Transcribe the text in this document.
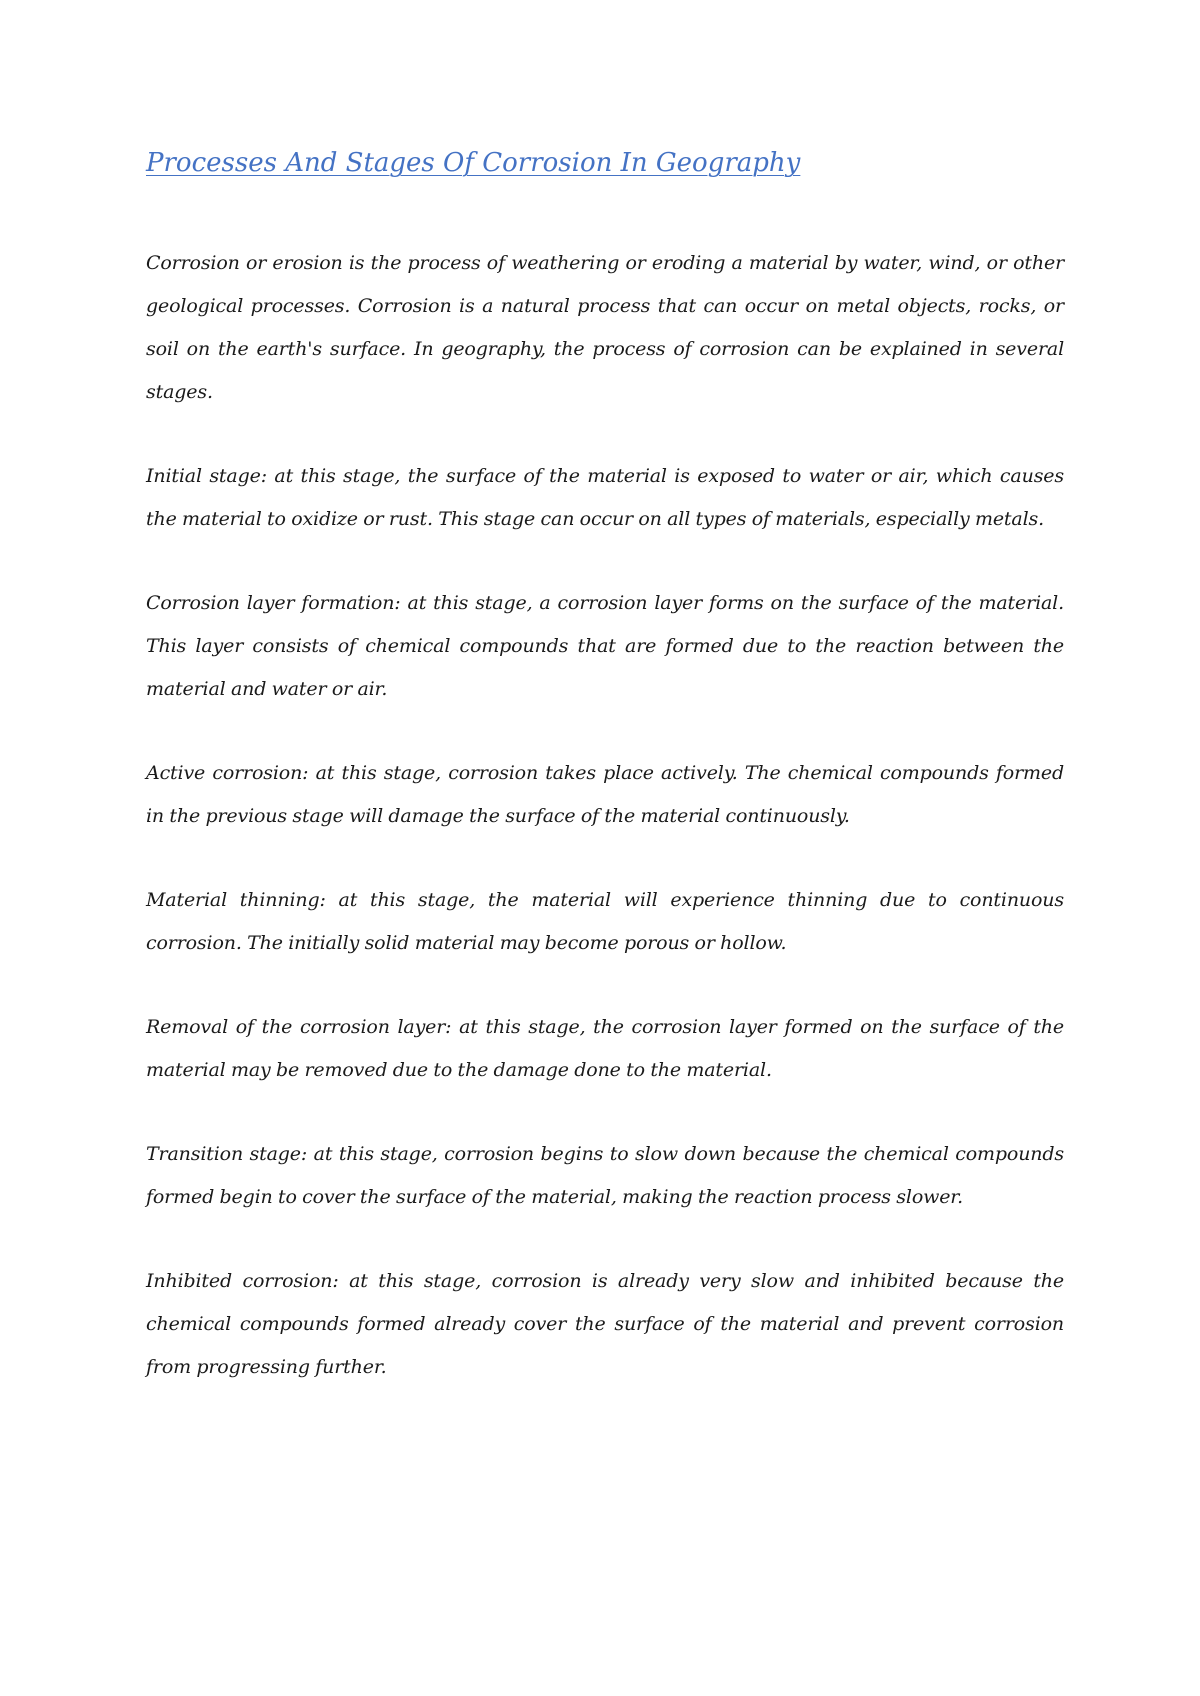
Processes And Stages Of Corrosion In Geography

Corrosion or erosion is the process of weathering or eroding a material by water, wind, or other geological processes. Corrosion is a natural process that can occur on metal objects, rocks, or soil on the earth's surface. In geography, the process of corrosion can be explained in several stages.

Initial stage: at this stage, the surface of the material is exposed to water or air, which causes the material to oxidize or rust. This stage can occur on all types of materials, especially metals.

Corrosion layer formation: at this stage, a corrosion layer forms on the surface of the material. This layer consists of chemical compounds that are formed due to the reaction between the material and water or air.

Active corrosion: at this stage, corrosion takes place actively. The chemical compounds formed in the previous stage will damage the surface of the material continuously.

Material thinning: at this stage, the material will experience thinning due to continuous corrosion. The initially solid material may become porous or hollow.

Removal of the corrosion layer: at this stage, the corrosion layer formed on the surface of the material may be removed due to the damage done to the material.

Transition stage: at this stage, corrosion begins to slow down because the chemical compounds formed begin to cover the surface of the material, making the reaction process slower.

Inhibited corrosion: at this stage, corrosion is already very slow and inhibited because the chemical compounds formed already cover the surface of the material and prevent corrosion from progressing further.
